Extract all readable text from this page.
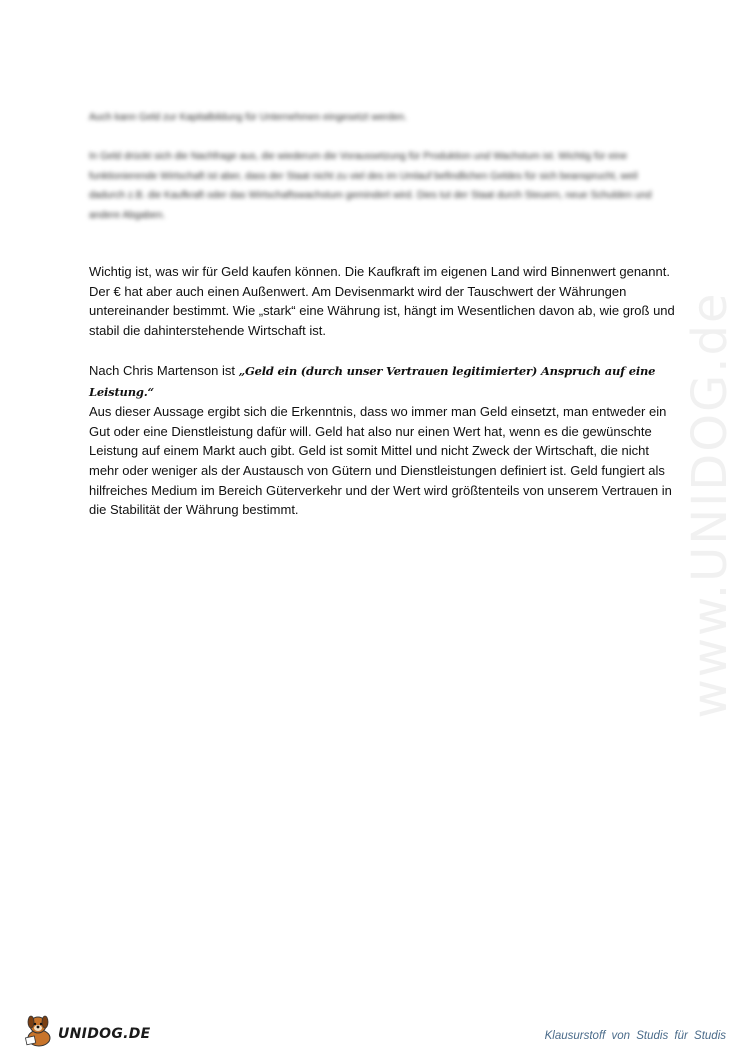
www.UNIDOG.de

Auch kann Geld zur Kapitalbildung für Unternehmen eingesetzt werden.

In Geld drückt sich die Nachfrage aus, die wiederum die Voraussetzung für Produktion und Wachstum ist. Wichtig für eine funktionierende Wirtschaft ist aber, dass der Staat nicht zu viel des im Umlauf befindlichen Geldes für sich beansprucht, weil dadurch z.B. die Kaufkraft oder das Wirtschaftswachstum gemindert wird. Dies tut der Staat durch Steuern, neue Schulden und andere Abgaben.

Wichtig ist, was wir für Geld kaufen können. Die Kaufkraft im eigenen Land wird Binnenwert genannt. Der € hat aber auch einen Außenwert. Am Devisenmarkt wird der Tauschwert der Währungen untereinander bestimmt. Wie „stark“ eine Währung ist, hängt im Wesentlichen davon ab, wie groß und stabil die dahinterstehende Wirtschaft ist.

Nach Chris Martenson ist „Geld ein (durch unser Vertrauen legitimierter) Anspruch auf eine Leistung.“
Aus dieser Aussage ergibt sich die Erkenntnis, dass wo immer man Geld einsetzt, man entweder ein Gut oder eine Dienstleistung dafür will. Geld hat also nur einen Wert hat, wenn es die gewünschte Leistung auf einem Markt auch gibt. Geld ist somit Mittel und nicht Zweck der Wirtschaft, die nicht mehr oder weniger als der Austausch von Gütern und Dienstleistungen definiert ist. Geld fungiert als hilfreiches Medium im Bereich Güterverkehr und der Wert wird größtenteils von unserem Vertrauen in die Stabilität der Währung bestimmt.

UNIDOG.DE	Klausurstoff von Studis für Studis
